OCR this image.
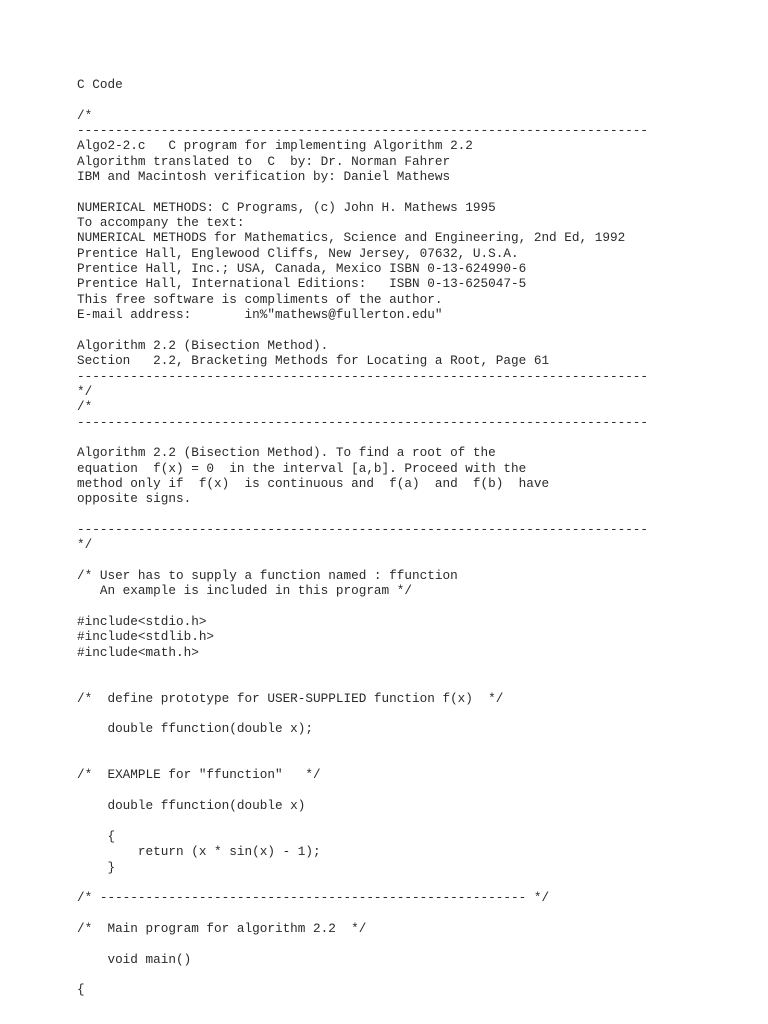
C Code
/*
---------------------------------------------------------------------------
Algo2-2.c   C program for implementing Algorithm 2.2
Algorithm translated to  C  by: Dr. Norman Fahrer
IBM and Macintosh verification by: Daniel Mathews
NUMERICAL METHODS: C Programs, (c) John H. Mathews 1995
To accompany the text:
NUMERICAL METHODS for Mathematics, Science and Engineering, 2nd Ed, 1992
Prentice Hall, Englewood Cliffs, New Jersey, 07632, U.S.A.
Prentice Hall, Inc.; USA, Canada, Mexico ISBN 0-13-624990-6
Prentice Hall, International Editions:   ISBN 0-13-625047-5
This free software is compliments of the author.
E-mail address:       in%"mathews@fullerton.edu"
Algorithm 2.2 (Bisection Method).
Section   2.2, Bracketing Methods for Locating a Root, Page 61
---------------------------------------------------------------------------
*/
/*
---------------------------------------------------------------------------
Algorithm 2.2 (Bisection Method). To find a root of the
equation  f(x) = 0  in the interval [a,b]. Proceed with the
method only if  f(x)  is continuous and  f(a)  and  f(b)  have
opposite signs.
---------------------------------------------------------------------------
*/
/* User has to supply a function named : ffunction
An example is included in this program */
#include<stdio.h>
#include<stdlib.h>
#include<math.h>
/*  define prototype for USER-SUPPLIED function f(x)  */
double ffunction(double x);
/*  EXAMPLE for "ffunction"   */
double ffunction(double x)
{
return (x * sin(x) - 1);
}
/* -------------------------------------------------------- */
/*  Main program for algorithm 2.2  */
void main()
{
